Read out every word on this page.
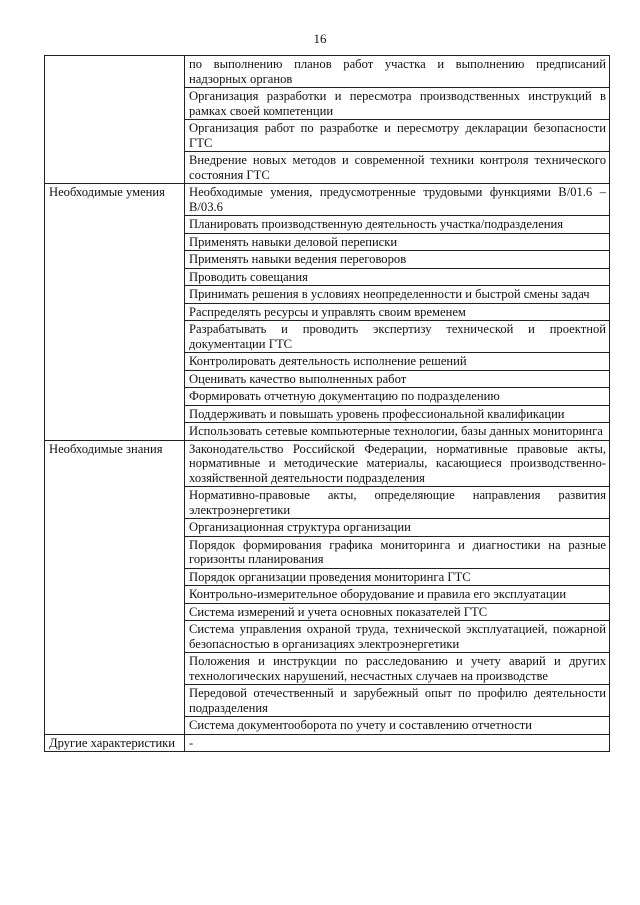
16
	по выполнению планов работ участка и выполнению предписаний надзорных органов
	Организация разработки и пересмотра производственных инструкций в рамках своей компетенции
	Организация работ по разработке и пересмотру декларации безопасности ГТС
	Внедрение новых методов и современной техники контроля технического состояния ГТС
Необходимые умения	Необходимые умения, предусмотренные трудовыми функциями В/01.6 – В/03.6
	Планировать производственную деятельность участка/подразделения
	Применять навыки деловой переписки
	Применять навыки ведения переговоров
	Проводить совещания
	Принимать решения в условиях неопределенности и быстрой смены задач
	Распределять ресурсы и управлять своим временем
	Разрабатывать и проводить экспертизу технической и проектной документации ГТС
	Контролировать деятельность исполнение решений
	Оценивать качество выполненных работ
	Формировать отчетную документацию по подразделению
	Поддерживать и повышать уровень профессиональной квалификации
	Использовать сетевые компьютерные технологии, базы данных мониторинга
Необходимые знания	Законодательство Российской Федерации, нормативные правовые акты, нормативные и методические материалы, касающиеся производственно-хозяйственной деятельности подразделения
	Нормативно-правовые акты, определяющие направления развития электроэнергетики
	Организационная структура организации
	Порядок формирования графика мониторинга и диагностики на разные горизонты планирования
	Порядок организации проведения мониторинга ГТС
	Контрольно-измерительное оборудование и правила его эксплуатации
	Система измерений и учета основных показателей ГТС
	Система управления охраной труда, технической эксплуатацией, пожарной безопасностью в организациях электроэнергетики
	Положения и инструкции по расследованию и учету аварий и других технологических нарушений, несчастных случаев на производстве
	Передовой отечественный и зарубежный опыт по профилю деятельности подразделения
	Система документооборота по учету и составлению отчетности
Другие характеристики	-
